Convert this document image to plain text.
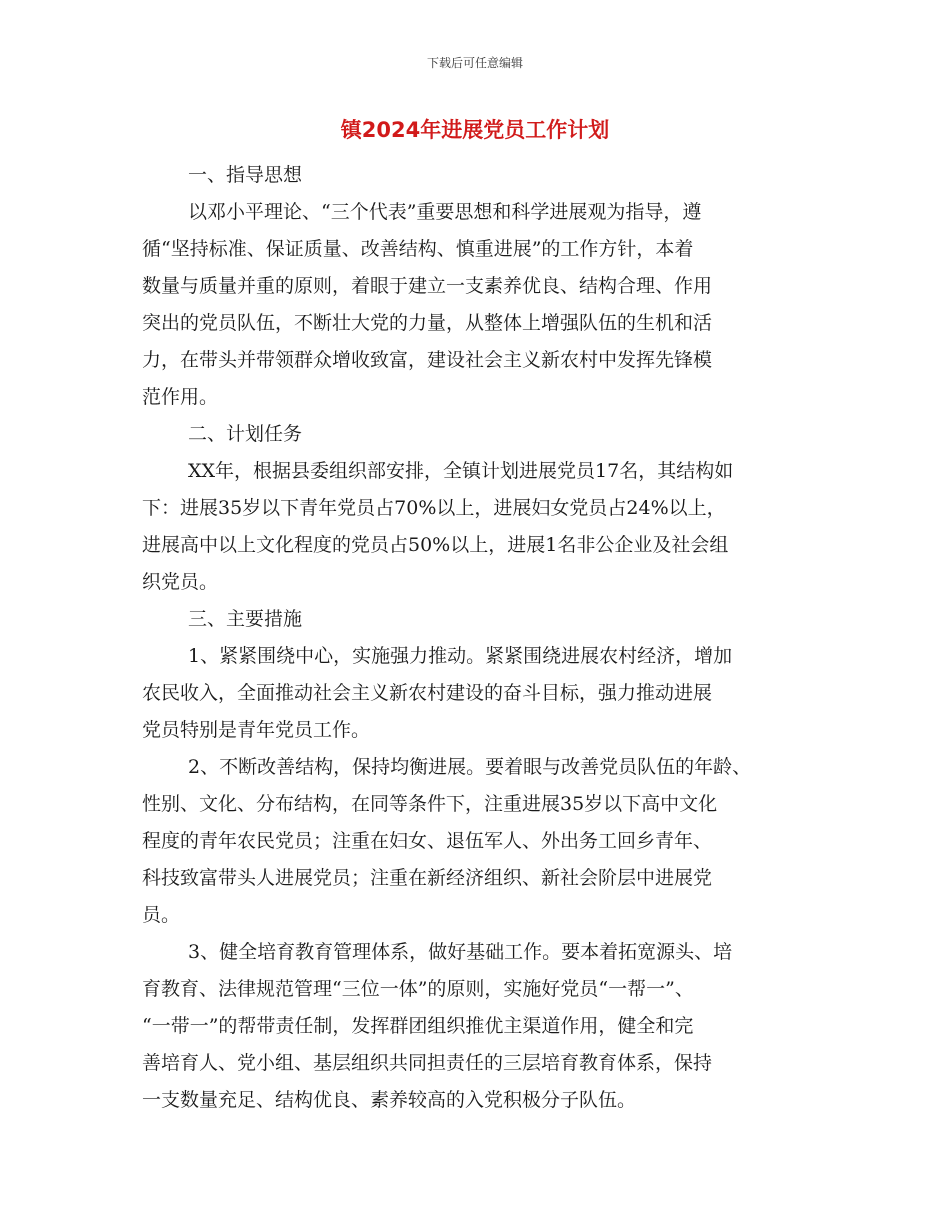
下载后可任意编辑
镇2024年进展党员工作计划
一、指导思想
以邓小平理论、“三个代表”重要思想和科学进展观为指导，遵
循“坚持标准、保证质量、改善结构、慎重进展”的工作方针，本着
数量与质量并重的原则，着眼于建立一支素养优良、结构合理、作用
突出的党员队伍，不断壮大党的力量，从整体上增强队伍的生机和活
力，在带头并带领群众增收致富，建设社会主义新农村中发挥先锋模
范作用。
二、计划任务
XX年，根据县委组织部安排，全镇计划进展党员17名，其结构如
下：进展35岁以下青年党员占70%以上，进展妇女党员占24%以上，
进展高中以上文化程度的党员占50%以上，进展1名非公企业及社会组
织党员。
三、主要措施
1、紧紧围绕中心，实施强力推动。紧紧围绕进展农村经济，增加
农民收入，全面推动社会主义新农村建设的奋斗目标，强力推动进展
党员特别是青年党员工作。
2、不断改善结构，保持均衡进展。要着眼与改善党员队伍的年龄、
性别、文化、分布结构，在同等条件下，注重进展35岁以下高中文化
程度的青年农民党员；注重在妇女、退伍军人、外出务工回乡青年、
科技致富带头人进展党员；注重在新经济组织、新社会阶层中进展党
员。
3、健全培育教育管理体系，做好基础工作。要本着拓宽源头、培
育教育、法律规范管理“三位一体”的原则，实施好党员“一帮一”、
“一带一”的帮带责任制，发挥群团组织推优主渠道作用，健全和完
善培育人、党小组、基层组织共同担责任的三层培育教育体系，保持
一支数量充足、结构优良、素养较高的入党积极分子队伍。
